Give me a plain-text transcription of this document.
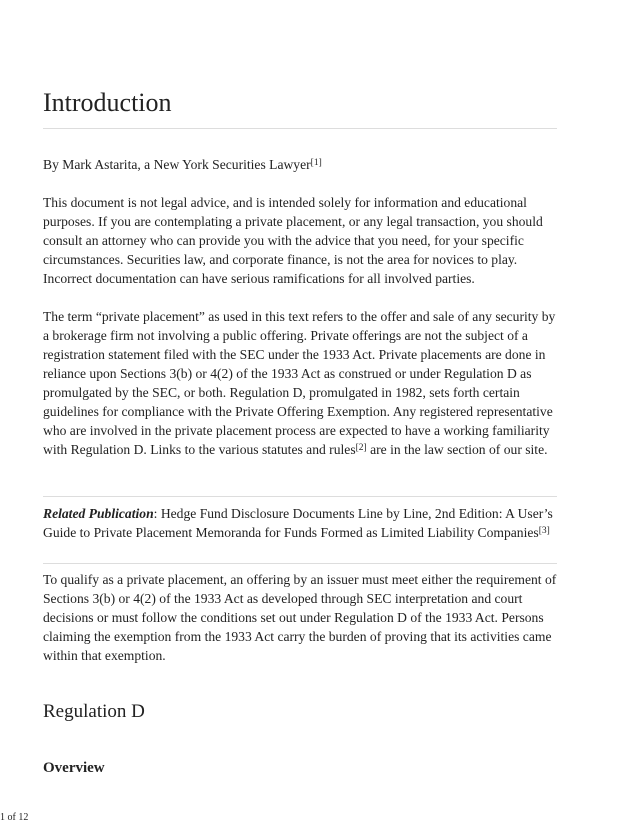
Introduction

By Mark Astarita, a New York Securities Lawyer[1]

This document is not legal advice, and is intended solely for information and educational purposes. If you are contemplating a private placement, or any legal transaction, you should consult an attorney who can provide you with the advice that you need, for your specific circumstances. Securities law, and corporate finance, is not the area for novices to play. Incorrect documentation can have serious ramifications for all involved parties.

The term “private placement” as used in this text refers to the offer and sale of any security by a brokerage firm not involving a public offering. Private offerings are not the subject of a registration statement filed with the SEC under the 1933 Act. Private placements are done in reliance upon Sections 3(b) or 4(2) of the 1933 Act as construed or under Regulation D as promulgated by the SEC, or both. Regulation D, promulgated in 1982, sets forth certain guidelines for compliance with the Private Offering Exemption. Any registered representative who are involved in the private placement process are expected to have a working familiarity with Regulation D. Links to the various statutes and rules[2] are in the law section of our site.

Related Publication: Hedge Fund Disclosure Documents Line by Line, 2nd Edition: A User’s Guide to Private Placement Memoranda for Funds Formed as Limited Liability Companies[3]

To qualify as a private placement, an offering by an issuer must meet either the requirement of Sections 3(b) or 4(2) of the 1933 Act as developed through SEC interpretation and court decisions or must follow the conditions set out under Regulation D of the 1933 Act. Persons claiming the exemption from the 1933 Act carry the burden of proving that its activities came within that exemption.

Regulation D
Overview
1 of 12
